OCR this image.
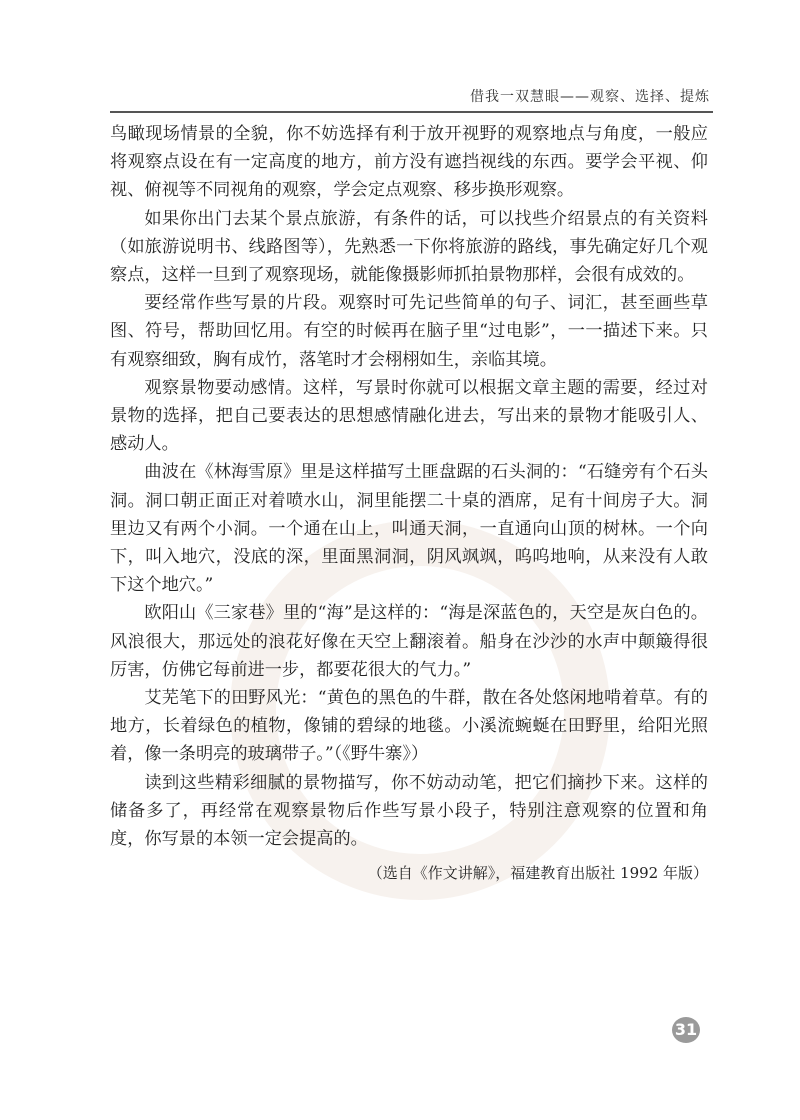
借我一双慧眼——观察、选择、提炼

鸟瞰现场情景的全貌，你不妨选择有利于放开视野的观察地点与角度，一般应将观察点设在有一定高度的地方，前方没有遮挡视线的东西。要学会平视、仰视、俯视等不同视角的观察，学会定点观察、移步换形观察。

如果你出门去某个景点旅游，有条件的话，可以找些介绍景点的有关资料（如旅游说明书、线路图等），先熟悉一下你将旅游的路线，事先确定好几个观察点，这样一旦到了观察现场，就能像摄影师抓拍景物那样，会很有成效的。

要经常作些写景的片段。观察时可先记些简单的句子、词汇，甚至画些草图、符号，帮助回忆用。有空的时候再在脑子里“过电影”，一一描述下来。只有观察细致，胸有成竹，落笔时才会栩栩如生，亲临其境。

观察景物要动感情。这样，写景时你就可以根据文章主题的需要，经过对景物的选择，把自己要表达的思想感情融化进去，写出来的景物才能吸引人、感动人。

曲波在《林海雪原》里是这样描写土匪盘踞的石头洞的：“石缝旁有个石头洞。洞口朝正面正对着喷水山，洞里能摆二十桌的酒席，足有十间房子大。洞里边又有两个小洞。一个通在山上，叫通天洞，一直通向山顶的树林。一个向下，叫入地穴，没底的深，里面黑洞洞，阴风飒飒，呜呜地响，从来没有人敢下这个地穴。”

欧阳山《三家巷》里的“海”是这样的：“海是深蓝色的，天空是灰白色的。风浪很大，那远处的浪花好像在天空上翻滚着。船身在沙沙的水声中颠簸得很厉害，仿佛它每前进一步，都要花很大的气力。”

艾芜笔下的田野风光：“黄色的黑色的牛群，散在各处悠闲地啃着草。有的地方，长着绿色的植物，像铺的碧绿的地毯。小溪流蜿蜒在田野里，给阳光照着，像一条明亮的玻璃带子。”（《野牛寨》）

读到这些精彩细腻的景物描写，你不妨动动笔，把它们摘抄下来。这样的储备多了，再经常在观察景物后作些写景小段子，特别注意观察的位置和角度，你写景的本领一定会提高的。

（选自《作文讲解》，福建教育出版社 1992 年版）

31
